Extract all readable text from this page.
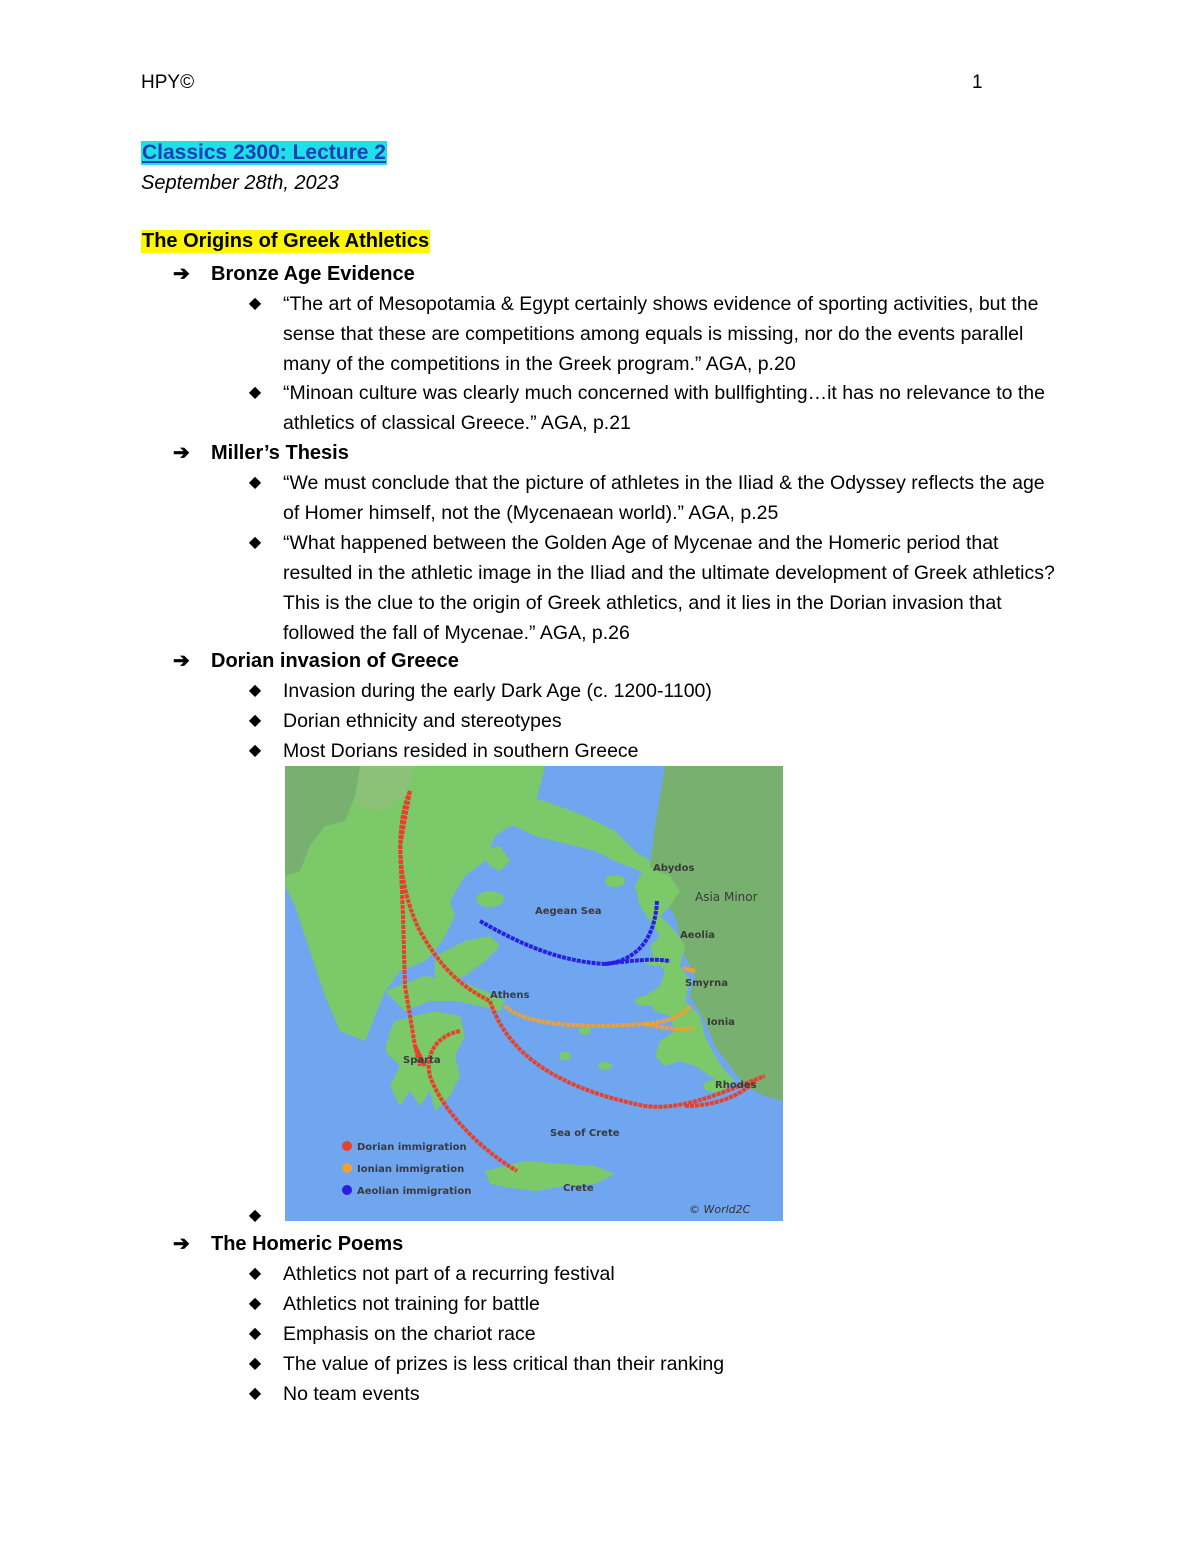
HPY©	1
Classics 2300: Lecture 2
September 28th, 2023
The Origins of Greek Athletics
➔ Bronze Age Evidence
◆ “The art of Mesopotamia & Egypt certainly shows evidence of sporting activities, but the sense that these are competitions among equals is missing, nor do the events parallel many of the competitions in the Greek program.” AGA, p.20
◆ “Minoan culture was clearly much concerned with bullfighting…it has no relevance to the athletics of classical Greece.” AGA, p.21
➔ Miller’s Thesis
◆ “We must conclude that the picture of athletes in the Iliad & the Odyssey reflects the age of Homer himself, not the (Mycenaean world).” AGA, p.25
◆ “What happened between the Golden Age of Mycenae and the Homeric period that resulted in the athletic image in the Iliad and the ultimate development of Greek athletics? This is the clue to the origin of Greek athletics, and it lies in the Dorian invasion that followed the fall of Mycenae.” AGA, p.26
➔ Dorian invasion of Greece
◆ Invasion during the early Dark Age (c. 1200-1100)
◆ Dorian ethnicity and stereotypes
◆ Most Dorians resided in southern Greece
◆
Abydos
Asia Minor
Aegean Sea
Aeolia
Smyrna
Athens
Ionia
Sparta
Rhodes
Sea of Crete
Crete
Dorian immigration
Ionian immigration
Aeolian immigration
© World2C
➔ The Homeric Poems
◆ Athletics not part of a recurring festival
◆ Athletics not training for battle
◆ Emphasis on the chariot race
◆ The value of prizes is less critical than their ranking
◆ No team events
